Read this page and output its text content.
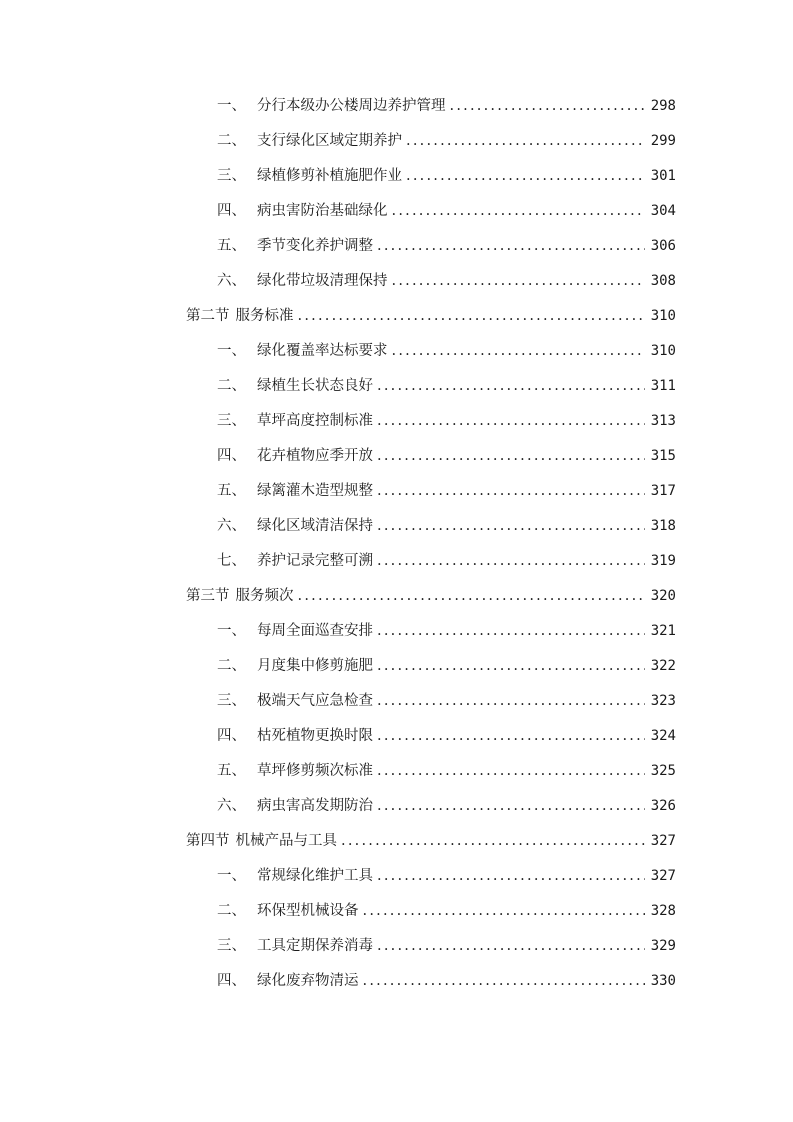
一、 分行本级办公楼周边养护管理 . . .	298
二、 支行绿化区域定期养护 . . .	299
三、 绿植修剪补植施肥作业 . . .	301
四、 病虫害防治基础绿化 . . .	304
五、 季节变化养护调整 . . .	306
六、 绿化带垃圾清理保持 . . .	308
第二节 服务标准 . . .	310
一、 绿化覆盖率达标要求 . . .	310
二、 绿植生长状态良好 . . .	311
三、 草坪高度控制标准 . . .	313
四、 花卉植物应季开放 . . .	315
五、 绿篱灌木造型规整 . . .	317
六、 绿化区域清洁保持 . . .	318
七、 养护记录完整可溯 . . .	319
第三节 服务频次 . . .	320
一、 每周全面巡查安排 . . .	321
二、 月度集中修剪施肥 . . .	322
三、 极端天气应急检查 . . .	323
四、 枯死植物更换时限 . . .	324
五、 草坪修剪频次标准 . . .	325
六、 病虫害高发期防治 . . .	326
第四节 机械产品与工具 . . .	327
一、 常规绿化维护工具 . . .	327
二、 环保型机械设备 . . .	328
三、 工具定期保养消毒 . . .	329
四、 绿化废弃物清运 . . .	330
